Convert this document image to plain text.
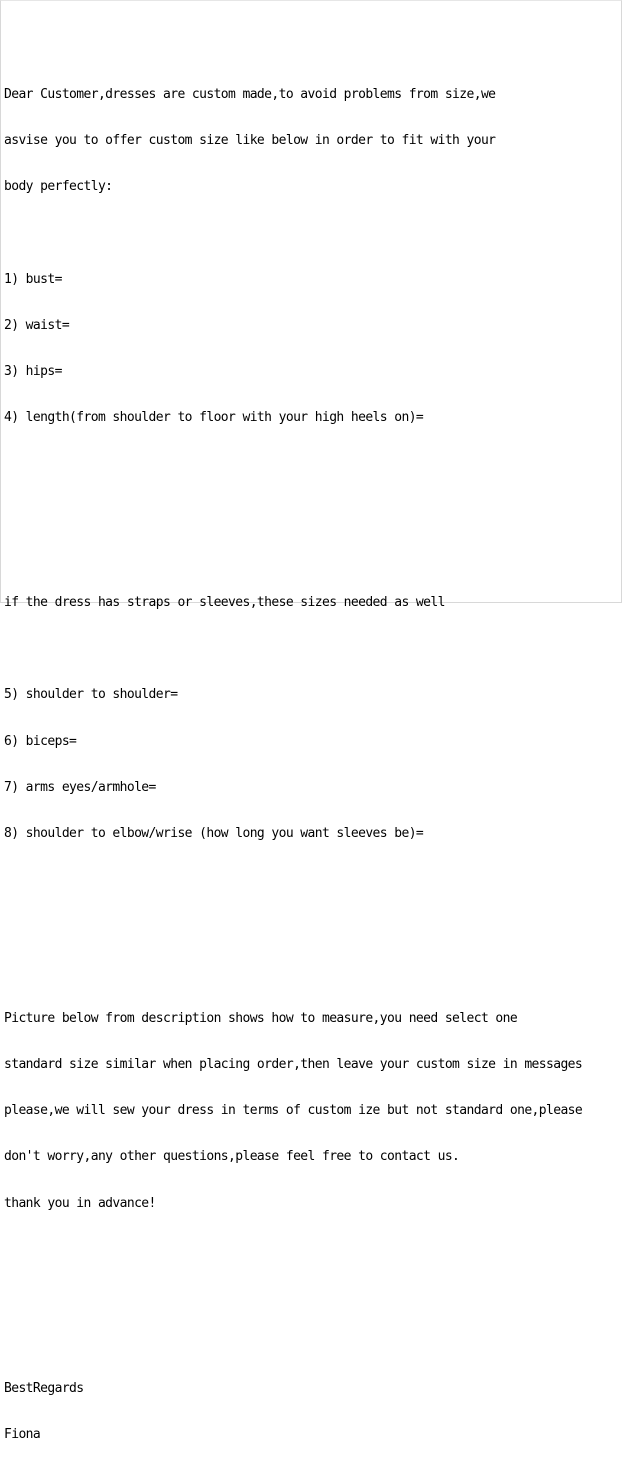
Dear Customer,dresses are custom made,to avoid problems from size,we

asvise you to offer custom size like below in order to fit with your

body perfectly:

1) bust=

2) waist=

3) hips=

4) length(from shoulder to floor with your high heels on)=

if the dress has straps or sleeves,these sizes needed as well

5) shoulder to shoulder=

6) biceps=

7) arms eyes/armhole=

8) shoulder to elbow/wrise (how long you want sleeves be)=

Picture below from description shows how to measure,you need select one

standard size similar when placing order,then leave your custom size in messages

please,we will sew your dress in terms of custom ize but not standard one,please

don't worry,any other questions,please feel free to contact us.

thank you in advance!

BestRegards

Fiona
